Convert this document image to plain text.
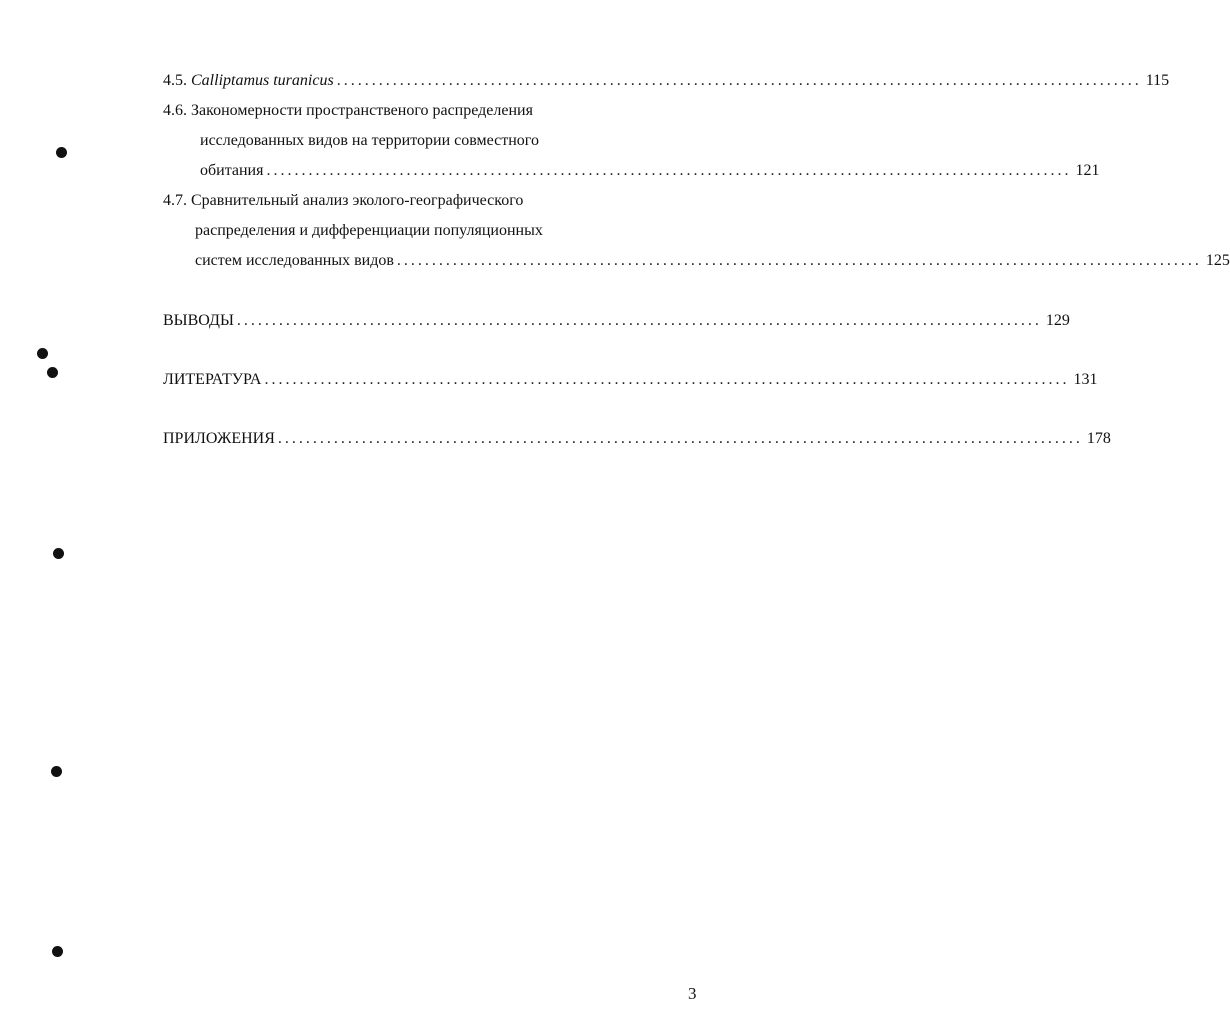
4.5. Calliptamus turanicus ................................................................................................................... 115
4.6. Закономерности пространственого распределения
исследованных видов на территории совместного
обитания ................................................................................................................... 121
4.7. Сравнительный анализ эколого-географического
распределения и дифференциации популяционных
систем исследованных видов ................................................................................................................... 125
ВЫВОДЫ ................................................................................................................... 129
ЛИТЕРАТУРА ................................................................................................................... 131
ПРИЛОЖЕНИЯ ................................................................................................................... 178
3
